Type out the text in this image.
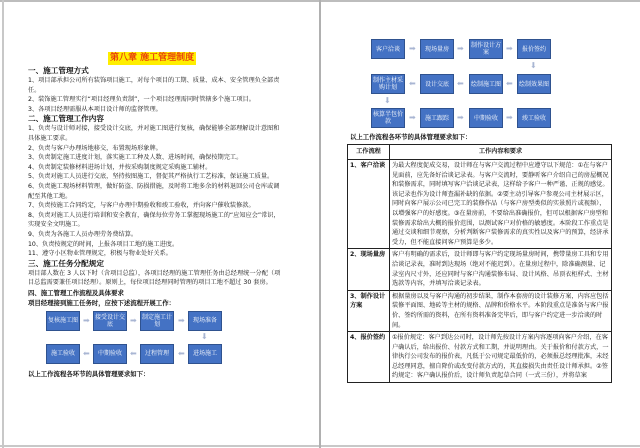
第八章 施工管理制度
一、施工管理方式
1、项目部承担公司所有装饰项目施工，对每个项目的工期、质量、成本、安全管理负全部责任。
2、装饰施工管理实行“项目经理负责制”，一个项目经理需同时管辖多个施工项目。
3、各项目经理需服从本项目设计师的监督管理。
二、施工管理工作内容
1、负责与设计师对接，接受设计交底，并对施工图进行复核，确保能够全部理解设计意图和具体施工要求。
2、负责与客户办理场地移交，布置现场形象牌。
3、负责制定施工进度计划，落实施工工种及人数、进场时间，确保按期完工。
4、负责制定装修材料进场计划，并按采购制度规定采购施工辅材。
5、负责对施工人员进行交底，坚持按图施工，督促其严格执行工艺标准，保证施工质量。
6、负责施工现场材料管理，做好防盗、防损措施，及时将工地多余的材料退回公司仓库或调配至其他工地。
7、负责按施工合同约定，与客户办理中期验收和竣工验收，并向客户催收装修款。
8、负责对施工人员进行培训和安全教育，确保每位劳务工掌握现场施工的“应知应会”常识，实现安全文明施工。
9、负责为各施工人员办理劳务费结算。
10、负责按规定的时间，上报各项目工地的施工进度。
11、遵守小区物业管理规定，积极与物业处好关系。
三、施工任务分配规定
项目部人数在 3 人以下时（含项目总监），各项目经理的施工管理任务由总经理统一分配（项目总监需要兼任项目经理）。原则上，每位项目经理同时管理的项目工地不超过 30 套房。
四、施工管理工作流程及具体要求
项目经理接到施工任务时，应按下述流程开展工作：
复核施工图 ➡ 接受设计交底	➡ 制定施工计划	➡	现场准备
⬇
施工验收	⬅	中期验收	⬅	过程管理	⬅	进场施工
以上工作流程各环节的具体管理要求如下：
客户洽谈	➡	现场量房	➡	制作设计方案	➡	报价签约
⬇
制作主材采购计划	⬅	设计交底	⬅	绘制施工图 ⬅	绘制效果图
⬇
核算半包价款	➡	施工跟踪	➡	中期验收	➡	竣工验收
以上工作流程各环节的具体管理要求如下：
工作流程	工作内容和要求
1、客户洽谈	为最大程度促成交易，设计师在与客户交流过程中应遵守以下规范：①在与客户见面前，应先备好洽谈记录表。与客户交流时，要静听客户介绍自己的房屋概况和装修需求，同时填写客户洽谈记录表，这样给予客户一种严谨、正规的感觉。该记录也作为设计师查漏补缺的依据。②要主动引导客户参观公司主材展示区，同时向客户展示公司已完工的装修作品（与客户房型类似的实景照片或视频），以增强客户的好感度。③在量房前，不要给出准确报价，但可以根据客户房型和装修需求给出大概的报价范围，以测试客户对价格的敏感度。本阶段工作重点是通过交谈和细节观察，分析判断客户装修需求的真实性以及客户的预算，经济承受力，但不能直接问客户预算是多少。
2、现场量房	客户有明确的需求后，设计师即与客户约定现场量房时间，携带量房工具和专用洽谈记录表，准时到达现场（绝对不能迟到）。在量房过程中，除准确测量、记录室内尺寸外，还应同时与客户沟通装修布局、设计风格、吊顶衣柜样式、主材选款等内容，并填写洽谈记录表。
3、制作设计方案	根据量房以及与客户沟通的初步结果，制作本套房的设计装修方案，内容应包括装修平面图、地砖等主材的规格、品牌和价格水平。本阶段重点是准备与客户报价、签约所需的资料，在所有资料准备完毕后，即与客户约定进一步洽谈的时间。
4、报价签约	①报价规定：客户到达公司时，设计师先按设计方案内容逐项向客户介绍，在客户确认后，给出报价、付款方式和工期，并说明理由。关于报价和付款方式，一律执行公司发布的报价表，凡低于公司规定最低价的，必须报总经理批准，未经总经理同意，擅自降价或改变付款方式的，其直接损失由责任设计师承担。②签约规定：客户确认报价后，设计师负责起草合同（一式三份），并将草案
